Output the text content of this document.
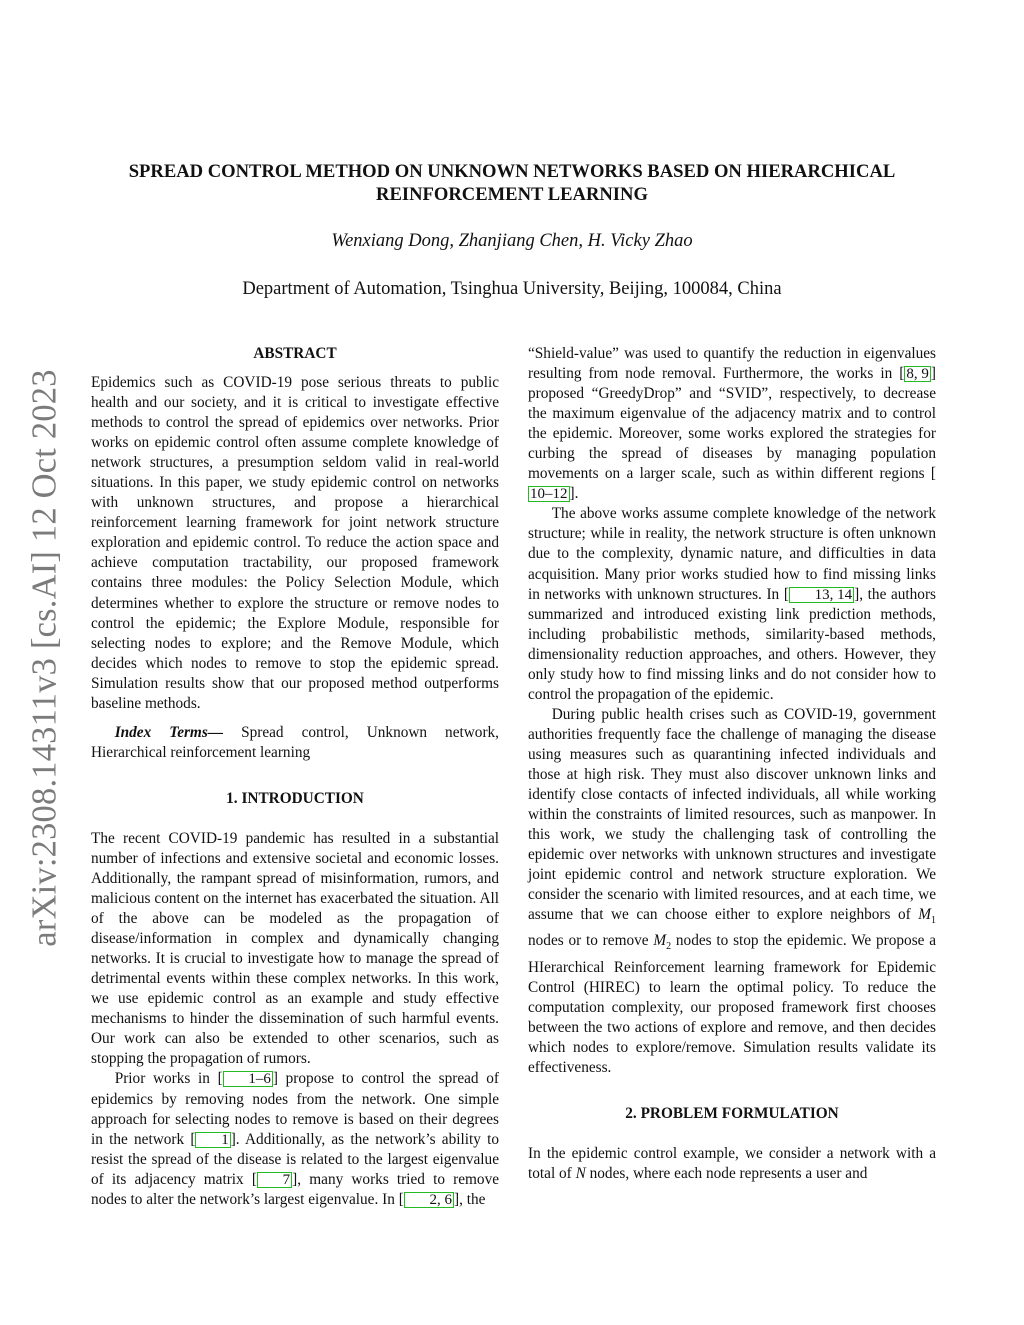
arXiv:2308.14311v3 [cs.AI] 12 Oct 2023
SPREAD CONTROL METHOD ON UNKNOWN NETWORKS BASED ON HIERARCHICAL
REINFORCEMENT LEARNING

Wenxiang Dong, Zhanjiang Chen, H. Vicky Zhao

Department of Automation, Tsinghua University, Beijing, 100084, China

ABSTRACT

Epidemics such as COVID-19 pose serious threats to public health and our society, and it is critical to investigate effective methods to control the spread of epidemics over networks. Prior works on epidemic control often assume complete knowledge of network structures, a presumption seldom valid in real-world situations. In this paper, we study epidemic control on networks with unknown structures, and propose a hierarchical reinforcement learning framework for joint network structure exploration and epidemic control. To reduce the action space and achieve computation tractability, our proposed framework contains three modules: the Policy Selection Module, which determines whether to explore the structure or remove nodes to control the epidemic; the Explore Module, responsible for selecting nodes to explore; and the Remove Module, which decides which nodes to remove to stop the epidemic spread. Simulation results show that our proposed method outperforms baseline methods.

Index Terms— Spread control, Unknown network, Hierarchical reinforcement learning

1. INTRODUCTION

The recent COVID-19 pandemic has resulted in a substantial number of infections and extensive societal and economic losses. Additionally, the rampant spread of misinformation, rumors, and malicious content on the internet has exacerbated the situation. All of the above can be modeled as the propagation of disease/information in complex and dynamically changing networks. It is crucial to investigate how to manage the spread of detrimental events within these complex networks. In this work, we use epidemic control as an example and study effective mechanisms to hinder the dissemination of such harmful events. Our work can also be extended to other scenarios, such as stopping the propagation of rumors.

Prior works in [ 1–6 ] propose to control the spread of epidemics by removing nodes from the network. One simple approach for selecting nodes to remove is based on their degrees in the network [ 1 ]. Additionally, as the network’s ability to resist the spread of the disease is related to the largest eigenvalue of its adjacency matrix [ 7 ], many works tried to remove nodes to alter the network’s largest eigenvalue. In [ 2, 6 ], the

“Shield-value” was used to quantify the reduction in eigenvalues resulting from node removal. Furthermore, the works in [ 8, 9 ] proposed “GreedyDrop” and “SVID”, respectively, to decrease the maximum eigenvalue of the adjacency matrix and to control the epidemic. Moreover, some works explored the strategies for curbing the spread of diseases by managing population movements on a larger scale, such as within different regions [10–12 ].

The above works assume complete knowledge of the network structure; while in reality, the network structure is often unknown due to the complexity, dynamic nature, and difficulties in data acquisition. Many prior works studied how to find missing links in networks with unknown structures. In [ 13, 14 ], the authors summarized and introduced existing link prediction methods, including probabilistic methods, similarity-based methods, dimensionality reduction approaches, and others. However, they only study how to find missing links and do not consider how to control the propagation of the epidemic.

During public health crises such as COVID-19, government authorities frequently face the challenge of managing the disease using measures such as quarantining infected individuals and those at high risk. They must also discover unknown links and identify close contacts of infected individuals, all while working within the constraints of limited resources, such as manpower. In this work, we study the challenging task of controlling the epidemic over networks with unknown structures and investigate joint epidemic control and network structure exploration. We consider the scenario with limited resources, and at each time, we assume that we can choose either to explore neighbors of $M_1$ nodes or to remove $M_2$ nodes to stop the epidemic. We propose a HIerarchical Reinforcement learning framework for Epidemic Control (HIREC) to learn the optimal policy. To reduce the computation complexity, our proposed framework first chooses between the two actions of explore and remove, and then decides which nodes to explore/remove. Simulation results validate its effectiveness.

2. PROBLEM FORMULATION

In the epidemic control example, we consider a network with a total of N nodes, where each node represents a user and
